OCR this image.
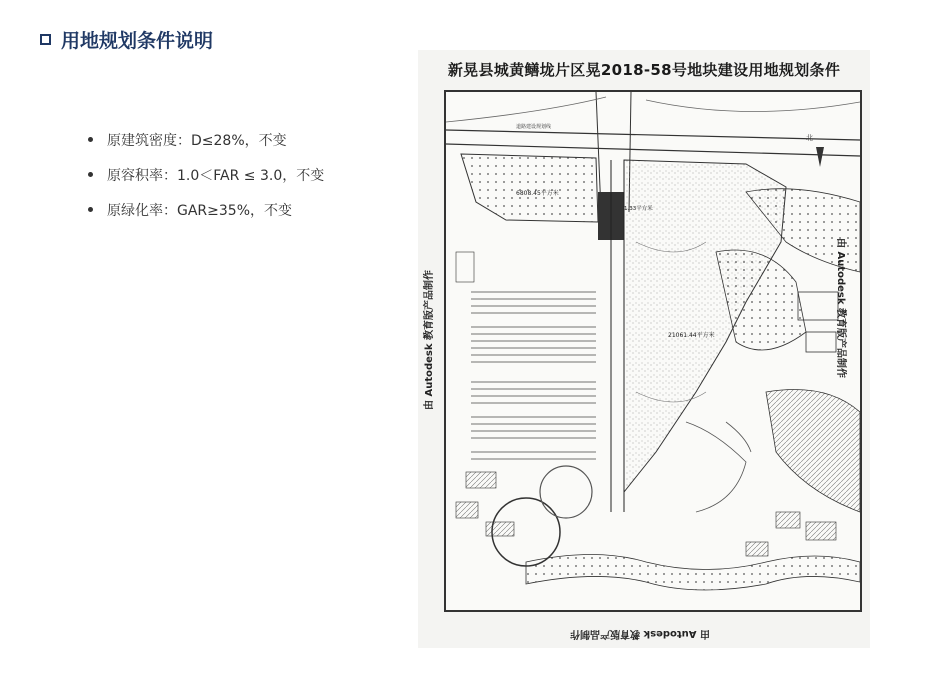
用地规划条件说明
原建筑密度：D≤28%，不变
原容积率：1.0＜FAR ≤ 3.0，不变
原绿化率：GAR≥35%，不变
新晃县城黄鳝垅片区晃2018-58号地块建设用地规划条件
道路建设规划线
北
6808.45平方米
21061.44平方米
由 Autodesk 教育版产品制作	由 Autodesk 教育版产品制作
由 Autodesk 教育版产品制作
